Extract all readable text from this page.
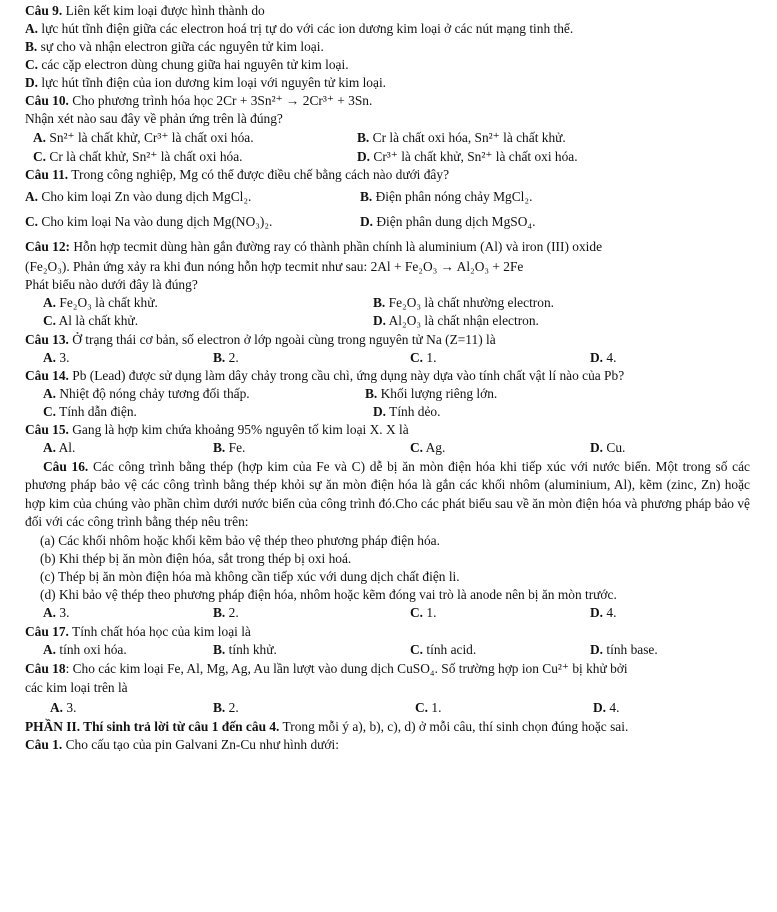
Câu 9. Liên kết kim loại được hình thành do
A. lực hút tĩnh điện giữa các electron hoá trị tự do với các ion dương kim loại ở các nút mạng tinh thể.
B. sự cho và nhận electron giữa các nguyên tử kim loại.
C. các cặp electron dùng chung giữa hai nguyên tử kim loại.
D. lực hút tĩnh điện của ion dương kim loại với nguyên tử kim loại.
Câu 10. Cho phương trình hóa học 2Cr + 3Sn²⁺ → 2Cr³⁺ + 3Sn.
Nhận xét nào sau đây về phản ứng trên là đúng?
A. Sn²⁺ là chất khử, Cr³⁺ là chất oxi hóa.	B. Cr là chất oxi hóa, Sn²⁺ là chất khử.
C. Cr là chất khử, Sn²⁺ là chất oxi hóa.	D. Cr³⁺ là chất khử, Sn²⁺ là chất oxi hóa.
Câu 11. Trong công nghiệp, Mg có thể được điều chế bằng cách nào dưới đây?
A. Cho kim loại Zn vào dung dịch MgCl₂.	B. Điện phân nóng chảy MgCl₂.
C. Cho kim loại Na vào dung dịch Mg(NO₃)₂.	D. Điện phân dung dịch MgSO₄.
Câu 12: Hỗn hợp tecmit dùng hàn gắn đường ray có thành phần chính là aluminium (Al) và iron (III) oxide
(Fe₂O₃). Phản ứng xảy ra khi đun nóng hỗn hợp tecmit như sau: 2Al + Fe₂O₃ → Al₂O₃ + 2Fe
Phát biểu nào dưới đây là đúng?
A. Fe₂O₃ là chất khử.	B. Fe₂O₃ là chất nhường electron.
C. Al là chất khử.	D. Al₂O₃ là chất nhận electron.
Câu 13. Ở trạng thái cơ bản, số electron ở lớp ngoài cùng trong nguyên tử Na (Z=11) là
A. 3.	B. 2.	C. 1.	D. 4.
Câu 14. Pb (Lead) được sử dụng làm dây chảy trong cầu chì, ứng dụng này dựa vào tính chất vật lí nào của Pb?
A. Nhiệt độ nóng chảy tương đối thấp.	B. Khối lượng riêng lớn.
C. Tính dẫn điện.	D. Tính dẻo.
Câu 15. Gang là hợp kim chứa khoảng 95% nguyên tố kim loại X. X là
A. Al.	B. Fe.	C. Ag.	D. Cu.
Câu 16. Các công trình bằng thép (hợp kim của Fe và C) dễ bị ăn mòn điện hóa khi tiếp xúc với nước biển. Một trong số các phương pháp bảo vệ các công trình bằng thép khỏi sự ăn mòn điện hóa là gắn các khối nhôm (aluminium, Al), kẽm (zinc, Zn) hoặc hợp kim của chúng vào phần chìm dưới nước biển của công trình đó.Cho các phát biểu sau về ăn mòn điện hóa và phương pháp bảo vệ đối với các công trình bằng thép nêu trên:
(a) Các khối nhôm hoặc khối kẽm bảo vệ thép theo phương pháp điện hóa.
(b) Khi thép bị ăn mòn điện hóa, sắt trong thép bị oxi hoá.
(c) Thép bị ăn mòn điện hóa mà không cần tiếp xúc với dung dịch chất điện li.
(d) Khi bảo vệ thép theo phương pháp điện hóa, nhôm hoặc kẽm đóng vai trò là anode nên bị ăn mòn trước.
A. 3.	B. 2.	C. 1.	D. 4.
Câu 17. Tính chất hóa học của kim loại là
A. tính oxi hóa.	B. tính khử.	C. tính acid.	D. tính base.
Câu 18: Cho các kim loại Fe, Al, Mg, Ag, Au lần lượt vào dung dịch CuSO₄. Số trường hợp ion Cu²⁺ bị khử bởi
các kim loại trên là
A. 3.	B. 2.	C. 1.	D. 4.
PHẦN II. Thí sinh trả lời từ câu 1 đến câu 4. Trong mỗi ý a), b), c), d) ở mỗi câu, thí sinh chọn đúng hoặc sai.
Câu 1. Cho cấu tạo của pin Galvani Zn-Cu như hình dưới:
